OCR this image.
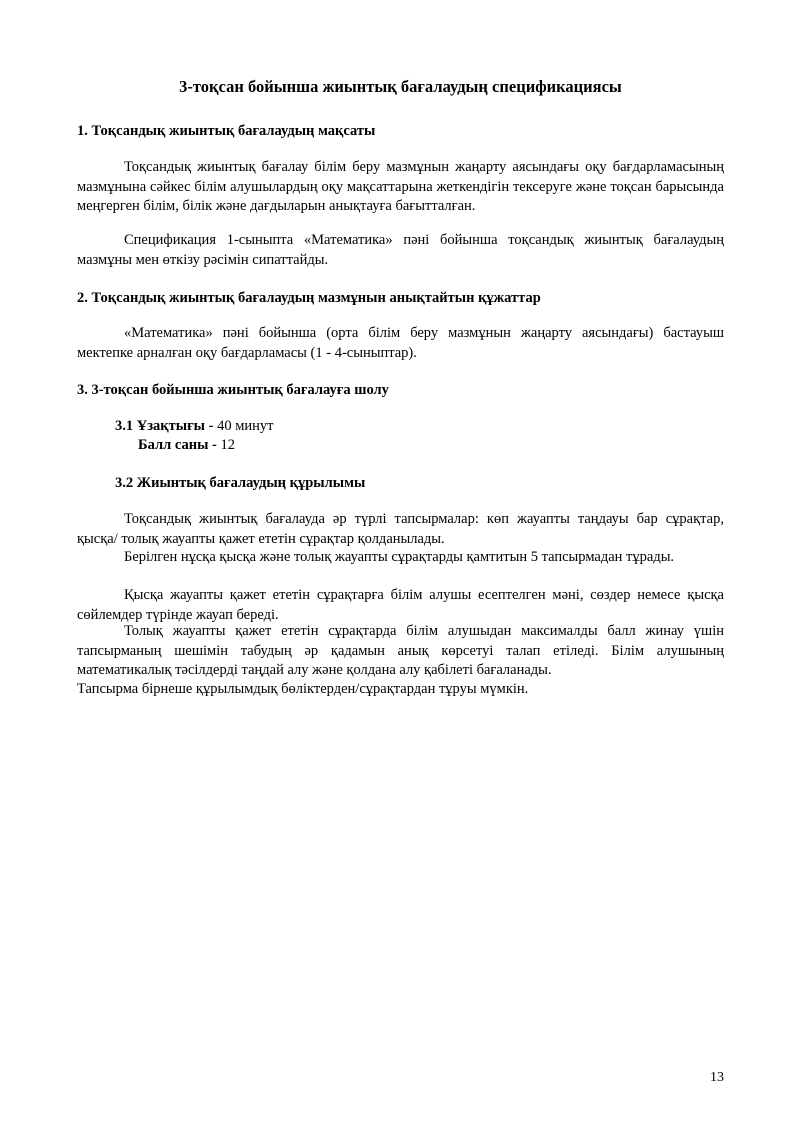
3-тоқсан бойынша жиынтық бағалаудың спецификациясы
1. Тоқсандық жиынтық бағалаудың мақсаты
Тоқсандық жиынтық бағалау білім беру мазмұнын жаңарту аясындағы оқу бағдарламасының мазмұнына сәйкес білім алушылардың оқу мақсаттарына жеткендігін тексеруге және тоқсан барысында меңгерген білім, білік және дағдыларын анықтауға бағытталған.
Спецификация 1-сыныпта «Математика» пәні бойынша тоқсандық жиынтық бағалаудың мазмұны мен өткізу рәсімін сипаттайды.
2. Тоқсандық жиынтық бағалаудың мазмұнын анықтайтын құжаттар
«Математика» пәні бойынша (орта білім беру мазмұнын жаңарту аясындағы) бастауыш мектепке арналған оқу бағдарламасы (1 - 4-сыныптар).
3. 3-тоқсан бойынша жиынтық бағалауға шолу
3.1 Ұзақтығы - 40 минут
Балл саны - 12
3.2 Жиынтық бағалаудың құрылымы
Тоқсандық жиынтық бағалауда әр түрлі тапсырмалар: көп жауапты таңдауы бар сұрақтар, қысқа/ толық жауапты қажет ететін сұрақтар қолданылады.
Берілген нұсқа қысқа және толық жауапты сұрақтарды қамтитын 5 тапсырмадан тұрады.
Қысқа жауапты қажет ететін сұрақтарға білім алушы есептелген мәні, сөздер немесе қысқа сөйлемдер түрінде жауап береді.
Толық жауапты қажет ететін сұрақтарда білім алушыдан максималды балл жинау үшін тапсырманың шешімін табудың әр қадамын анық көрсетуі талап етіледі. Білім алушының математикалық тәсілдерді таңдай алу және қолдана алу қабілеті бағаланады.
Тапсырма бірнеше құрылымдық бөліктерден/сұрақтардан тұруы мүмкін.
13
